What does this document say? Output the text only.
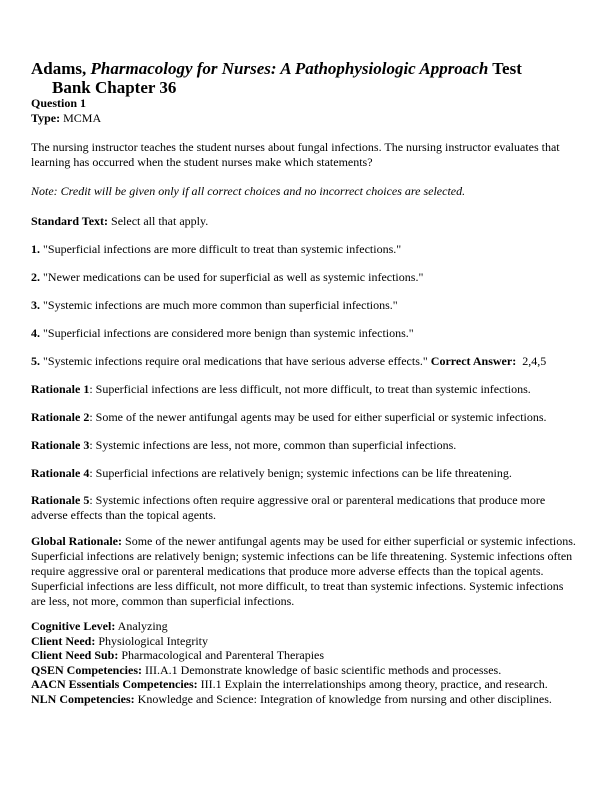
Adams, Pharmacology for Nurses: A Pathophysiologic Approach Test
Bank Chapter 36
Question 1
Type: MCMA

The nursing instructor teaches the student nurses about fungal infections. The nursing instructor evaluates that learning has occurred when the student nurses make which statements?

Note: Credit will be given only if all correct choices and no incorrect choices are selected.

Standard Text: Select all that apply.

1. "Superficial infections are more difficult to treat than systemic infections."

2. "Newer medications can be used for superficial as well as systemic infections."

3. "Systemic infections are much more common than superficial infections."

4. "Superficial infections are considered more benign than systemic infections."

5. "Systemic infections require oral medications that have serious adverse effects." Correct Answer: 2,4,5

Rationale 1: Superficial infections are less difficult, not more difficult, to treat than systemic infections.

Rationale 2: Some of the newer antifungal agents may be used for either superficial or systemic infections.

Rationale 3: Systemic infections are less, not more, common than superficial infections.

Rationale 4: Superficial infections are relatively benign; systemic infections can be life threatening.

Rationale 5: Systemic infections often require aggressive oral or parenteral medications that produce more adverse effects than the topical agents.

Global Rationale: Some of the newer antifungal agents may be used for either superficial or systemic infections. Superficial infections are relatively benign; systemic infections can be life threatening. Systemic infections often require aggressive oral or parenteral medications that produce more adverse effects than the topical agents. Superficial infections are less difficult, not more difficult, to treat than systemic infections. Systemic infections are less, not more, common than superficial infections.

Cognitive Level: Analyzing
Client Need: Physiological Integrity
Client Need Sub: Pharmacological and Parenteral Therapies
QSEN Competencies: III.A.1 Demonstrate knowledge of basic scientific methods and processes.
AACN Essentials Competencies: III.1 Explain the interrelationships among theory, practice, and research.
NLN Competencies: Knowledge and Science: Integration of knowledge from nursing and other disciplines.
